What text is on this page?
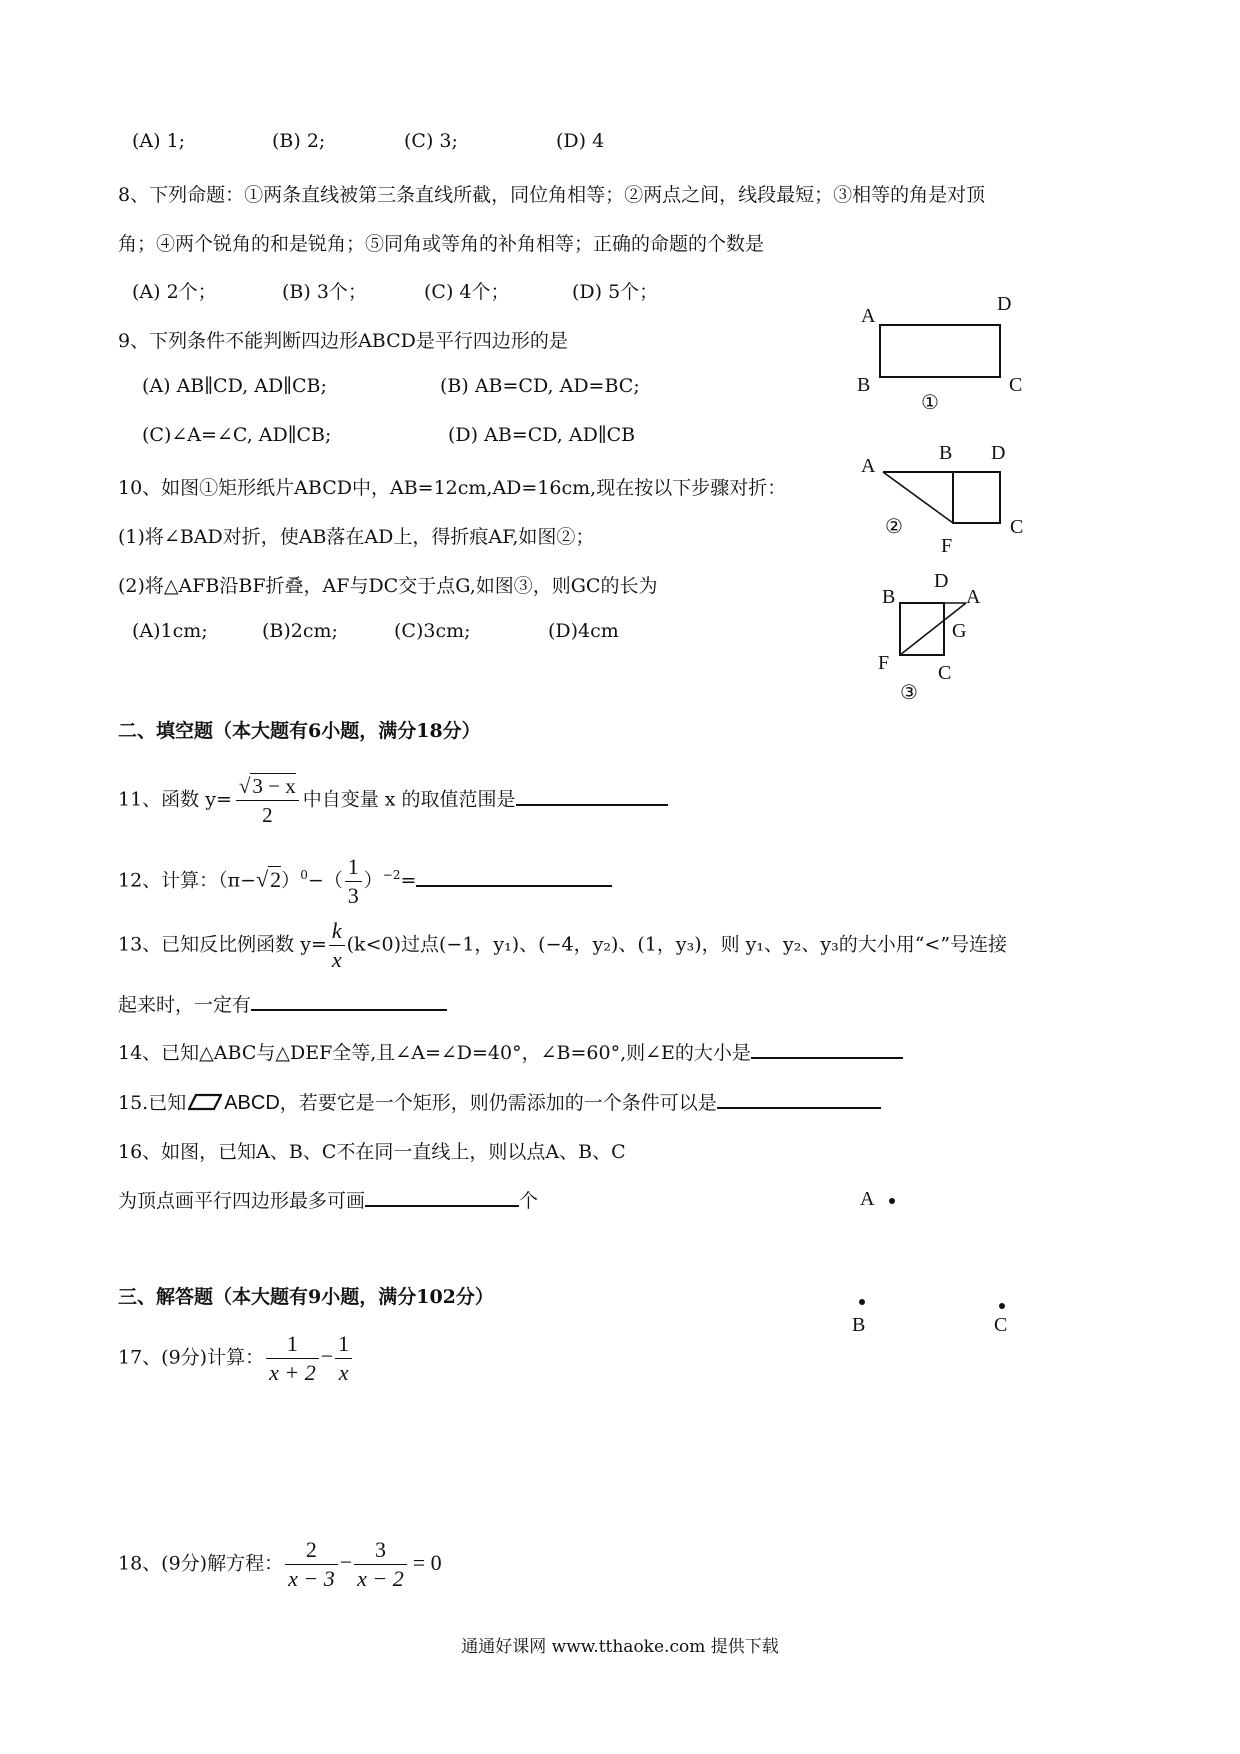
(A) 1;	(B) 2;	(C) 3;	(D) 4
8、下列命题：①两条直线被第三条直线所截，同位角相等；②两点之间，线段最短；③相等的角是对顶
角；④两个锐角的和是锐角；⑤同角或等角的补角相等；正确的命题的个数是
(A) 2个；	(B) 3个；	(C) 4个；	(D) 5个；
9、下列条件不能判断四边形ABCD是平行四边形的是
(A) AB∥CD, AD∥CB;	(B) AB=CD, AD=BC;
(C)∠A=∠C, AD∥CB;	(D) AB=CD, AD∥CB
10、如图①矩形纸片ABCD中，AB=12cm,AD=16cm,现在按以下步骤对折：
(1)将∠BAD对折，使AB落在AD上，得折痕AF,如图②；
(2)将△AFB沿BF折叠，AF与DC交于点G,如图③，则GC的长为
(A)1cm;	(B)2cm;	(C)3cm;	(D)4cm
A
D
B	C
①
A
B D
②	C
F
B
D
A
G
F C
③
二、填空题（本大题有6小题，满分18分）
11、函数 $y= \frac{√3 - x}{2}$ 中自变量 x 的取值范围是
12、计算：$(\pi-√2)^0-( \frac{1}{3} )^{-2}=$
13、已知反比例函数 $y= \frac{k}{x} (k<0)$过点(−1，y₁)、(−4，y₂)、(1，y₃)，则 y₁、y₂、y₃的大小用“<”号连接
起来时，一定有
14、已知△ABC与△DEF全等,且∠A=∠D=40°，∠B=60°,则∠E的大小是
15.已知 ABCD，若要它是一个矩形，则仍需添加的一个条件可以是
16、如图，已知A、B、C不在同一直线上，则以点A、B、C
为顶点画平行四边形最多可画	个	A
B	C
三、解答题（本大题有9小题，满分102分）
17、(9分)计算： $\frac{1}{x + 2} - \frac{1}{x}$
18、(9分)解方程： $\frac{2}{x - 3} - \frac{3}{x - 2} = 0$
通通好课网 www.tthaoke.com 提供下载
